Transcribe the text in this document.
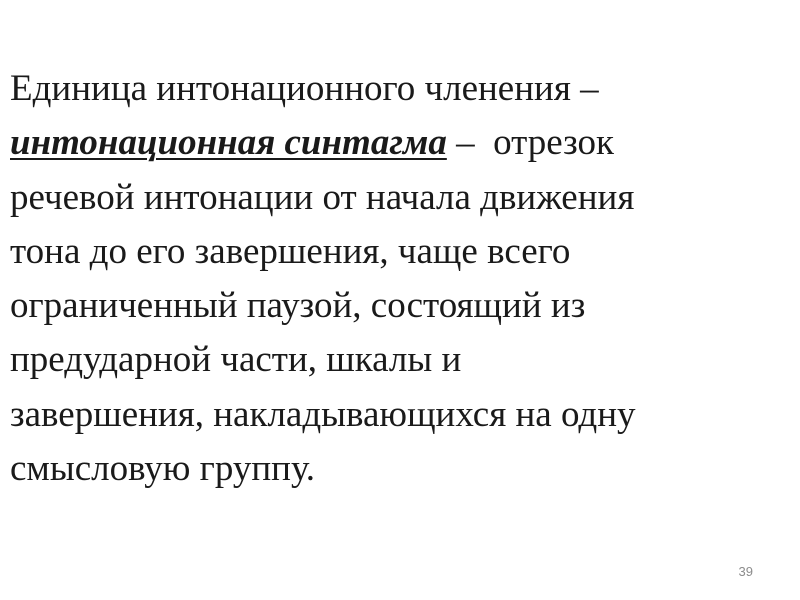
Единица интонационного членения –
интонационная синтагма –  отрезок
речевой интонации от начала движения
тона до его завершения, чаще всего
ограниченный паузой, состоящий из
предударной части, шкалы и
завершения, накладывающихся на одну
смысловую группу.
39
